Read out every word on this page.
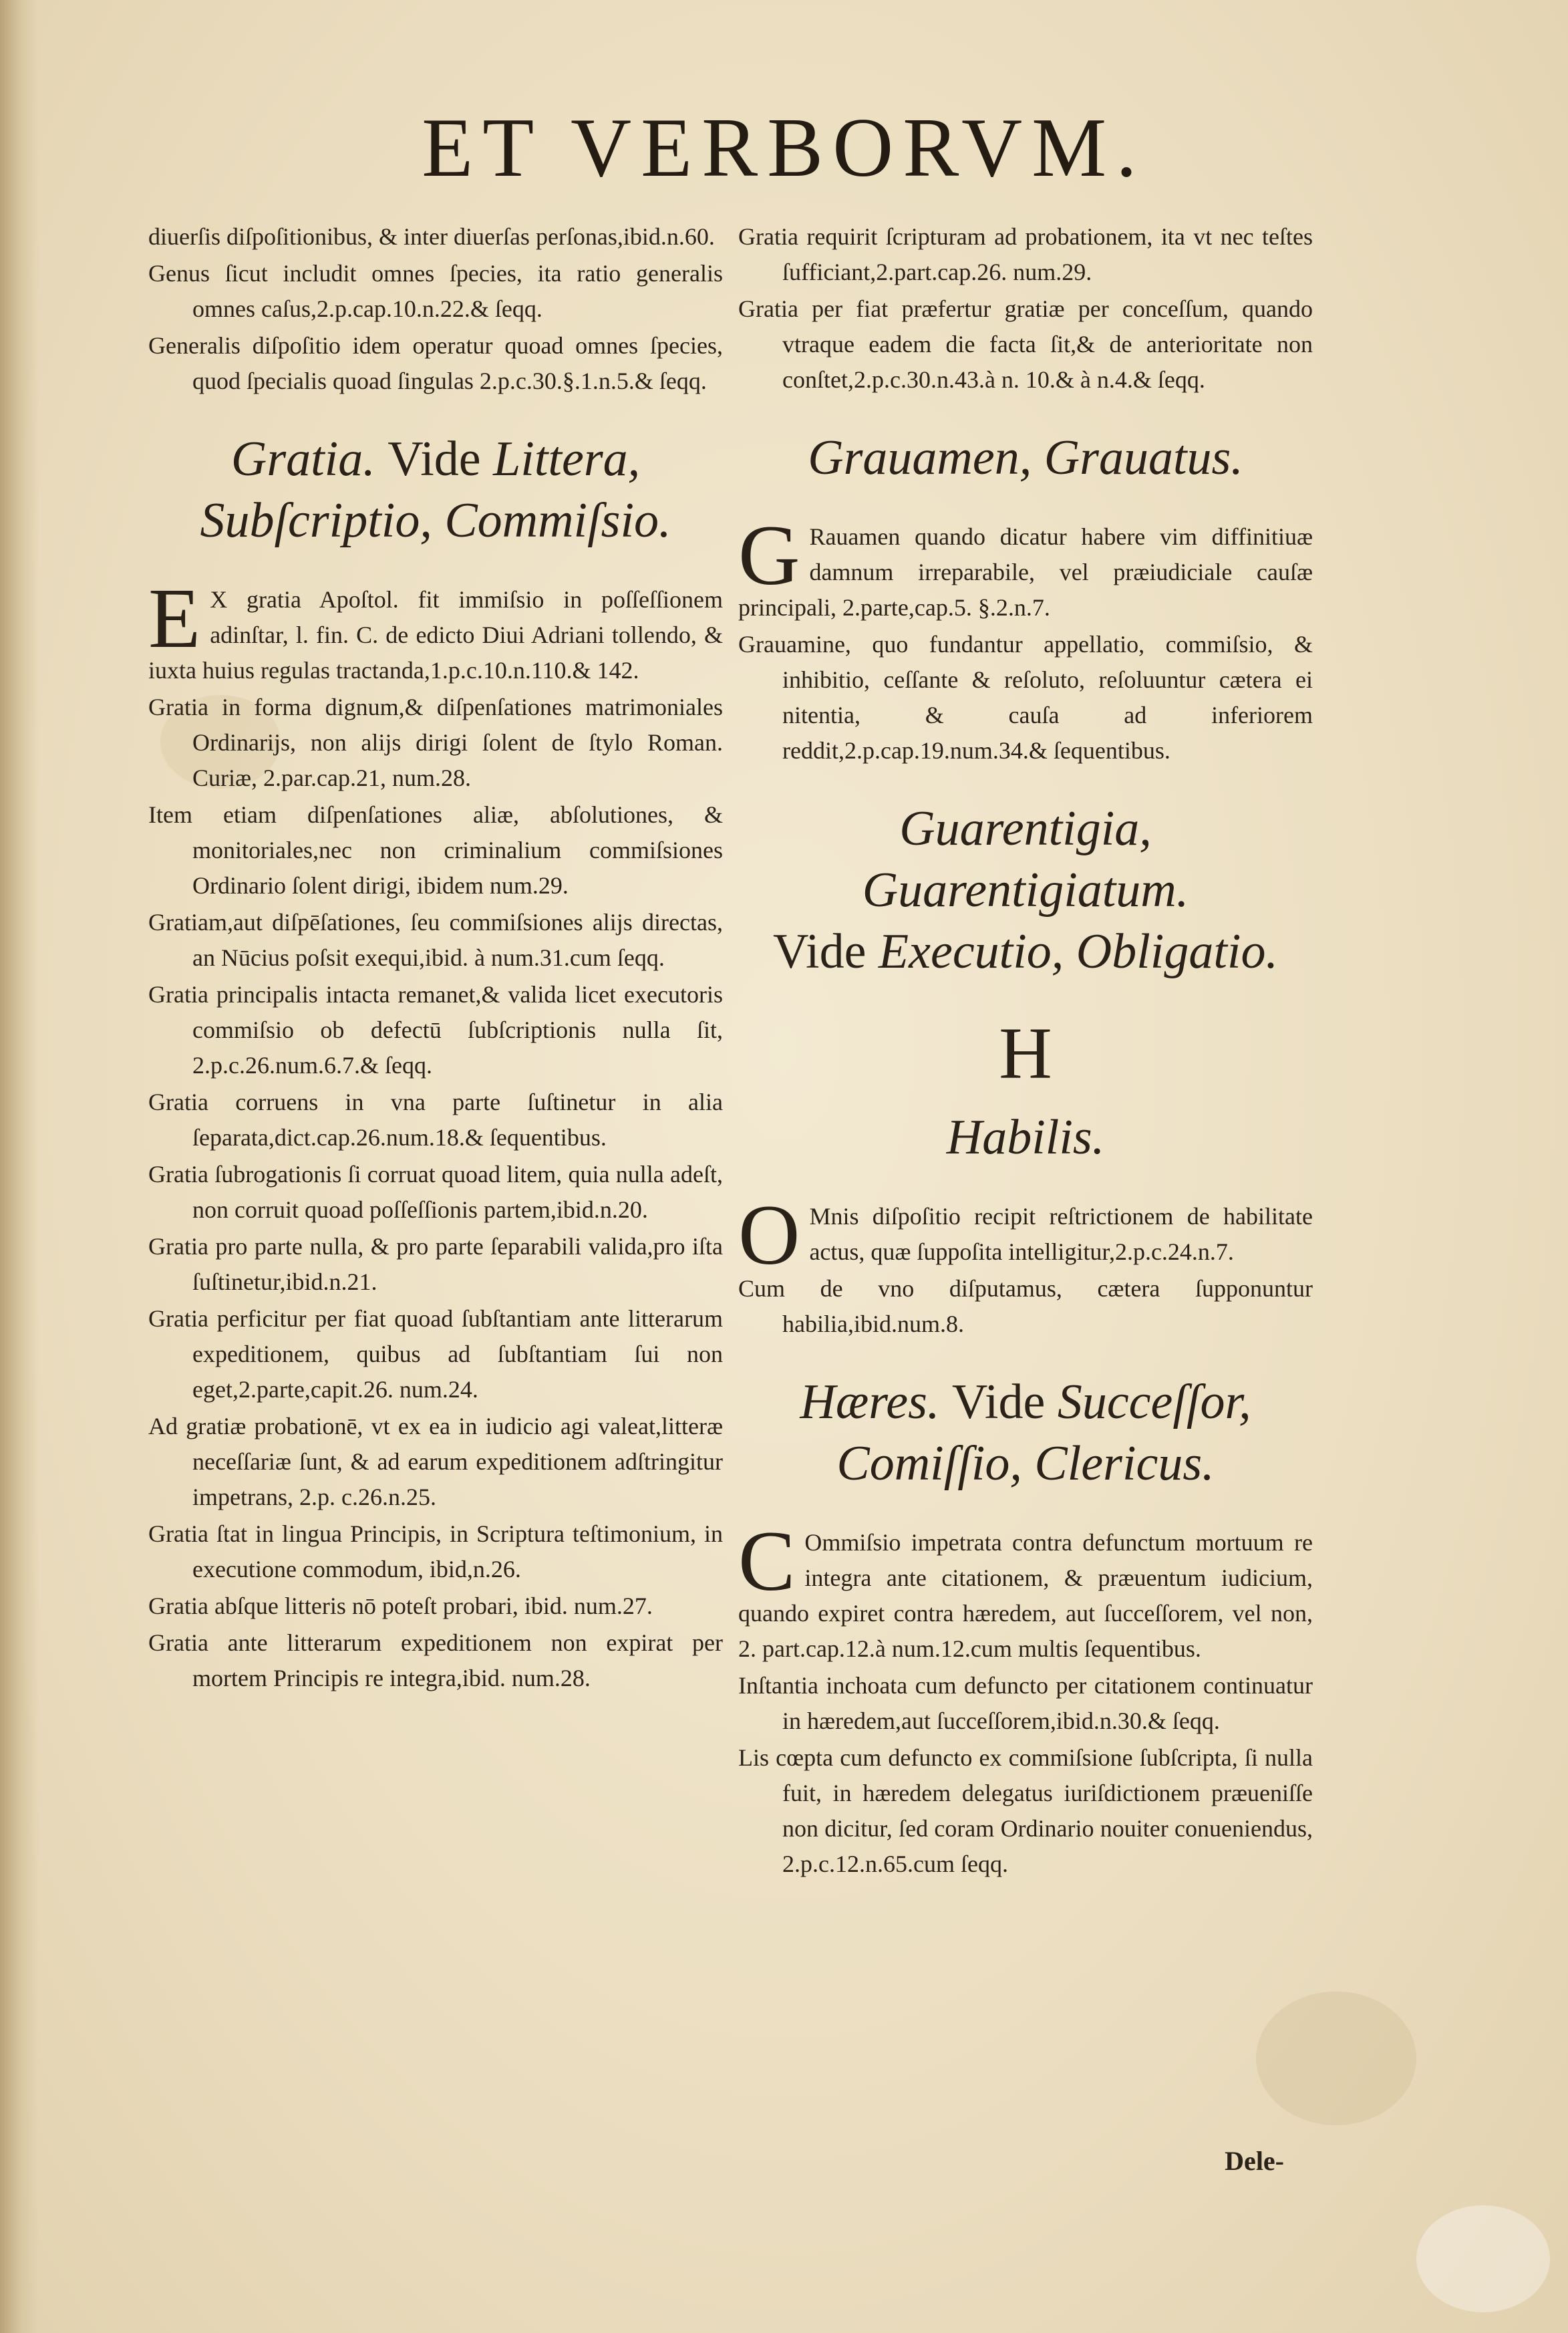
ET VERBORVM.

diuerſis diſpoſitionibus, & inter diuerſas perſonas,ibid.n.60.

Genus ſicut includit omnes ſpecies, ita ratio generalis omnes caſus,2.p.cap.10.n.22.& ſeqq.

Generalis diſpoſitio idem operatur quoad omnes ſpecies, quod ſpecialis quoad ſingulas 2.p.c.30.§.1.n.5.& ſeqq.

Gratia. Vide Littera, Subſcriptio, Commiſsio.

E X gratia Apoſtol. fit immiſsio in poſſeſſionem adinſtar, l. fin. C. de edicto Diui Adriani tollendo, & iuxta huius regulas tractanda,1.p.c.10.n.110.& 142.

Gratia in forma dignum,& diſpenſationes matrimoniales Ordinarijs, non alijs dirigi ſolent de ſtylo Roman. Curiæ, 2.par.cap.21, num.28.

Item etiam diſpenſationes aliæ, abſolutiones, & monitoriales,nec non criminalium commiſsiones Ordinario ſolent dirigi, ibidem num.29.

Gratiam,aut diſpēſationes, ſeu commiſsiones alijs directas, an Nūcius poſsit exequi,ibid. à num.31.cum ſeqq.

Gratia principalis intacta remanet,& valida licet executoris commiſsio ob defectū ſubſcriptionis nulla ſit, 2.p.c.26.num.6.7.& ſeqq.

Gratia corruens in vna parte ſuſtinetur in alia ſeparata,dict.cap.26.num.18.& ſequentibus.

Gratia ſubrogationis ſi corruat quoad litem, quia nulla adeſt, non corruit quoad poſſeſſionis partem,ibid.n.20.

Gratia pro parte nulla, & pro parte ſeparabili valida,pro iſta ſuſtinetur,ibid.n.21.

Gratia perficitur per fiat quoad ſubſtantiam ante litterarum expeditionem, quibus ad ſubſtantiam ſui non eget,2.parte,capit.26. num.24.

Ad gratiæ probationē, vt ex ea in iudicio agi valeat,litteræ neceſſariæ ſunt, & ad earum expeditionem adſtringitur impetrans, 2.p. c.26.n.25.

Gratia ſtat in lingua Principis, in Scriptura teſtimonium, in executione commodum, ibid,n.26.

Gratia abſque litteris nō poteſt probari, ibid. num.27.

Gratia ante litterarum expeditionem non expirat per mortem Principis re integra,ibid. num.28.

Gratia requirit ſcripturam ad probationem, ita vt nec teſtes ſufficiant,2.part.cap.26. num.29.

Gratia per fiat præfertur gratiæ per conceſſum, quando vtraque eadem die facta ſit,& de anterioritate non conſtet,2.p.c.30.n.43.à n. 10.& à n.4.& ſeqq.

Grauamen, Grauatus.

G Rauamen quando dicatur habere vim diffinitiuæ damnum irreparabile, vel præiudiciale cauſæ principali, 2.parte,cap.5. §.2.n.7.

Grauamine, quo fundantur appellatio, commiſsio, & inhibitio, ceſſante & reſoluto, reſoluuntur cætera ei nitentia, & cauſa ad inferiorem reddit,2.p.cap.19.num.34.& ſequentibus.

Guarentigia, Guarentigiatum.
Vide Executio, Obligatio.
H
Habilis.

O Mnis diſpoſitio recipit reſtrictionem de habilitate actus, quæ ſuppoſita intelligitur,2.p.c.24.n.7.

Cum de vno diſputamus, cætera ſupponuntur habilia,ibid.num.8.

Hæres. Vide Succeſſor, Comiſſio, Clericus.

C Ommiſsio impetrata contra defunctum mortuum re integra ante citationem, & præuentum iudicium, quando expiret contra hæredem, aut ſucceſſorem, vel non, 2. part.cap.12.à num.12.cum multis ſequentibus.

Inſtantia inchoata cum defuncto per citationem continuatur in hæredem,aut ſucceſſorem,ibid.n.30.& ſeqq.

Lis cœpta cum defuncto ex commiſsione ſubſcripta, ſi nulla fuit, in hæredem delegatus iuriſdictionem præueniſſe non dicitur, ſed coram Ordinario nouiter conueniendus, 2.p.c.12.n.65.cum ſeqq.

Dele-
